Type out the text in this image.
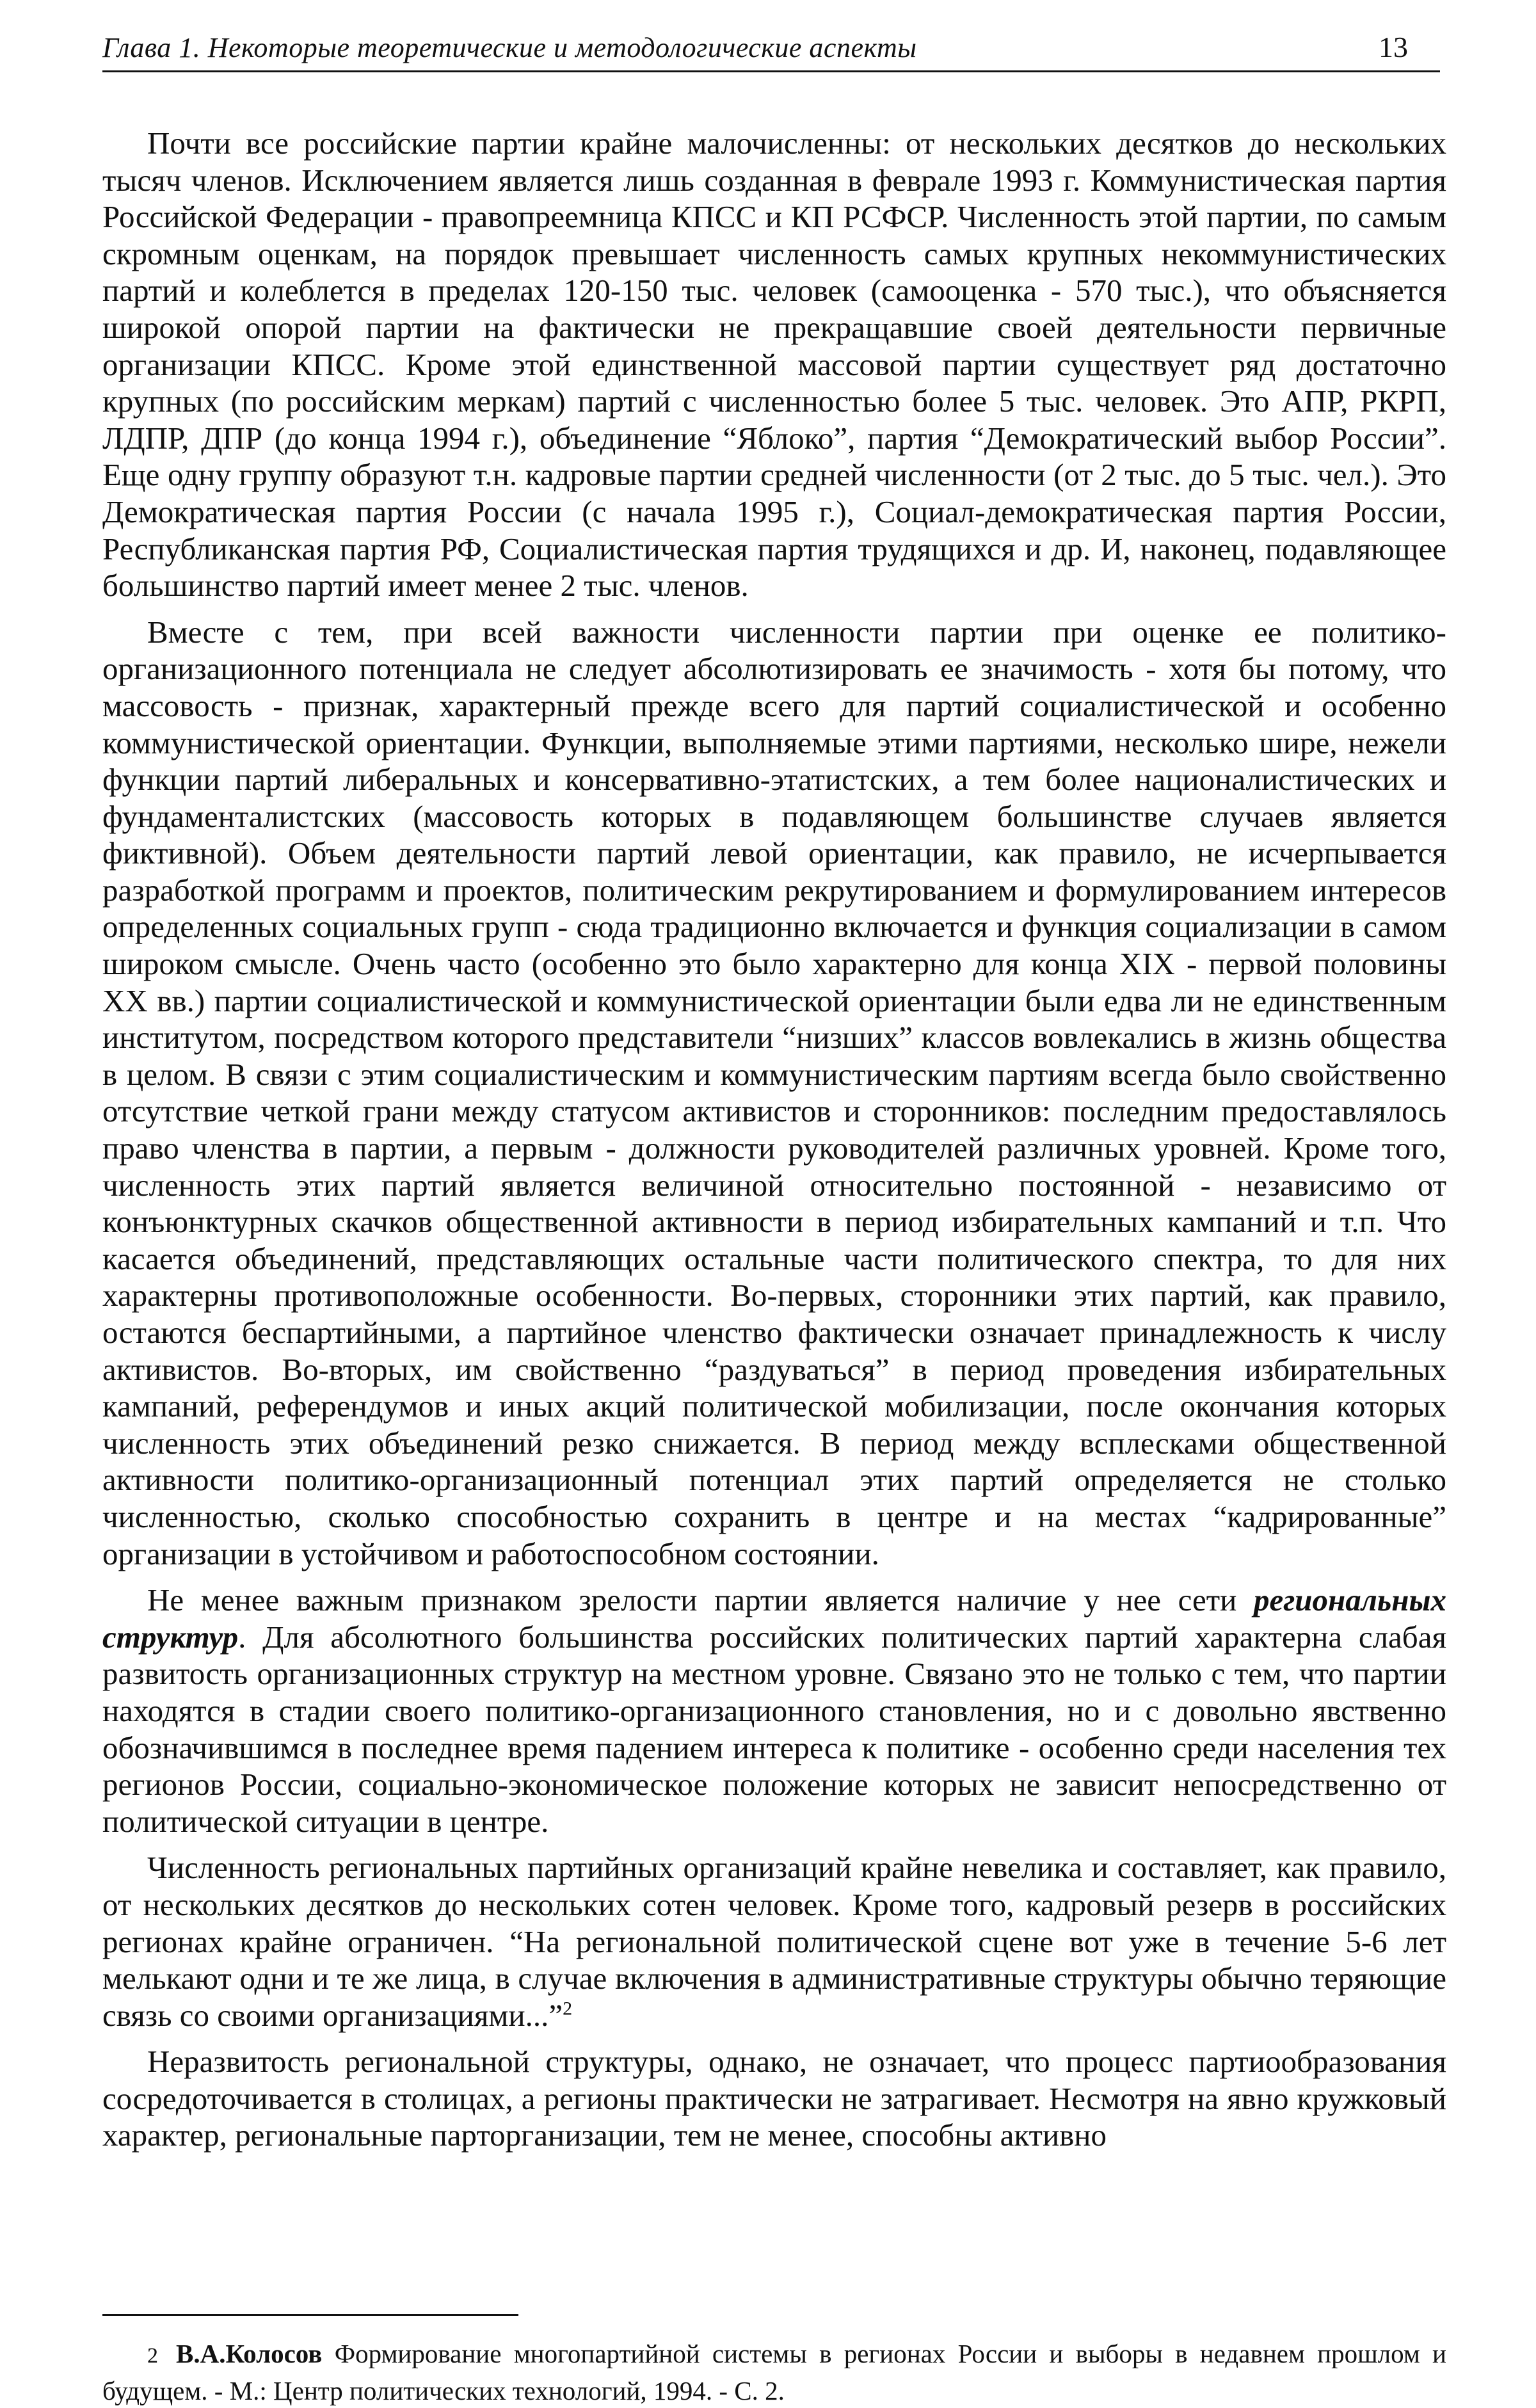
Глава 1. Некоторые теоретические и методологические аспекты	13

Почти все российские партии крайне малочисленны: от нескольких десятков до нескольких тысяч членов. Исключением является лишь созданная в феврале 1993 г. Коммунистическая партия Российской Федерации - правопреемница КПСС и КП РСФСР. Численность этой партии, по самым скромным оценкам, на порядок превышает численность самых крупных некоммунистических партий и колеблется в пределах 120-150 тыс. человек (самооценка - 570 тыс.), что объясняется широкой опорой партии на фактически не прекращавшие своей деятельности первичные организации КПСС. Кроме этой единственной массовой партии существует ряд достаточно крупных (по российским меркам) партий с численностью более 5 тыс. человек. Это АПР, РКРП, ЛДПР, ДПР (до конца 1994 г.), объединение “Яблоко”, партия “Демократический выбор России”. Еще одну группу образуют т.н. кадровые партии средней численности (от 2 тыс. до 5 тыс. чел.). Это Демократическая партия России (с начала 1995 г.), Социал-демократическая партия России, Республиканская партия РФ, Социалистическая партия трудящихся и др. И, наконец, подавляющее большинство партий имеет менее 2 тыс. членов.

Вместе с тем, при всей важности численности партии при оценке ее политико-организационного потенциала не следует абсолютизировать ее значимость - хотя бы потому, что массовость - признак, характерный прежде всего для партий социалистической и особенно коммунистической ориентации. Функции, выполняемые этими партиями, несколько шире, нежели функции партий либеральных и консервативно-этатистских, а тем более националистических и фундаменталистских (массовость которых в подавляющем большинстве случаев является фиктивной). Объем деятельности партий левой ориентации, как правило, не исчерпывается разработкой программ и проектов, политическим рекрутированием и формулированием интересов определенных социальных групп - сюда традиционно включается и функция социализации в самом широком смысле. Очень часто (особенно это было характерно для конца XIX - первой половины XX вв.) партии социалистической и коммунистической ориентации были едва ли не единственным институтом, посредством которого представители “низших” классов вовлекались в жизнь общества в целом. В связи с этим социалистическим и коммунистическим партиям всегда было свойственно отсутствие четкой грани между статусом активистов и сторонников: последним предоставлялось право членства в партии, а первым - должности руководителей различных уровней. Кроме того, численность этих партий является величиной относительно постоянной - независимо от конъюнктурных скачков общественной активности в период избирательных кампаний и т.п. Что касается объединений, представляющих остальные части политического спектра, то для них характерны противоположные особенности. Во-первых, сторонники этих партий, как правило, остаются беспартийными, а партийное членство фактически означает принадлежность к числу активистов. Во-вторых, им свойственно “раздуваться” в период проведения избирательных кампаний, референдумов и иных акций политической мобилизации, после окончания которых численность этих объединений резко снижается. В период между всплесками общественной активности политико-организационный потенциал этих партий определяется не столько численностью, сколько способностью сохранить в центре и на местах “кадрированные” организации в устойчивом и работоспособном состоянии.

Не менее важным признаком зрелости партии является наличие у нее сети региональных структур. Для абсолютного большинства российских политических партий характерна слабая развитость организационных структур на местном уровне. Связано это не только с тем, что партии находятся в стадии своего политико-организационного становления, но и с довольно явственно обозначившимся в последнее время падением интереса к политике - особенно среди населения тех регионов России, социально-экономическое положение которых не зависит непосредственно от политической ситуации в центре.

Численность региональных партийных организаций крайне невелика и составляет, как правило, от нескольких десятков до нескольких сотен человек. Кроме того, кадровый резерв в российских регионах крайне ограничен. “На региональной политической сцене вот уже в течение 5-6 лет мелькают одни и те же лица, в случае включения в административные структуры обычно теряющие связь со своими организациями...”$^2$

Неразвитость региональной структуры, однако, не означает, что процесс партиообразования сосредоточивается в столицах, а регионы практически не затрагивает. Несмотря на явно кружковый характер, региональные парторганизации, тем не менее, способны активно

2 В.А.Колосов Формирование многопартийной системы в регионах России и выборы в недавнем прошлом и будущем. - М.: Центр политических технологий, 1994. - С. 2.
